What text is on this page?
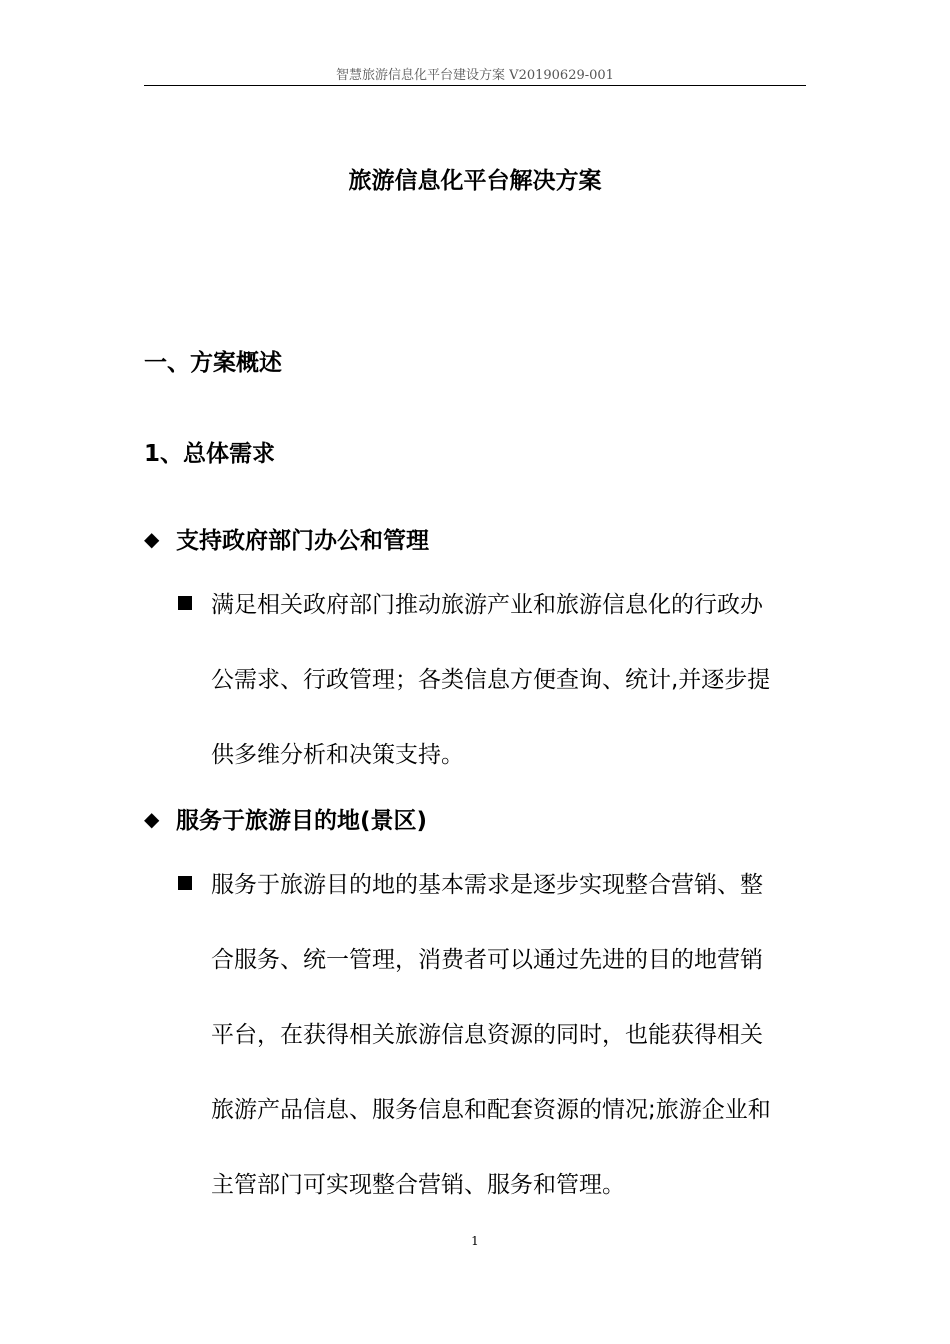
智慧旅游信息化平台建设方案 V20190629-001
旅游信息化平台解决方案
一、方案概述
1、总体需求
◆ 支持政府部门办公和管理
满足相关政府部门推动旅游产业和旅游信息化的行政办
公需求、行政管理；各类信息方便查询、统计,并逐步提
供多维分析和决策支持。
◆ 服务于旅游目的地(景区)
服务于旅游目的地的基本需求是逐步实现整合营销、整
合服务、统一管理，消费者可以通过先进的目的地营销
平台，在获得相关旅游信息资源的同时，也能获得相关
旅游产品信息、服务信息和配套资源的情况;旅游企业和
主管部门可实现整合营销、服务和管理。
1
